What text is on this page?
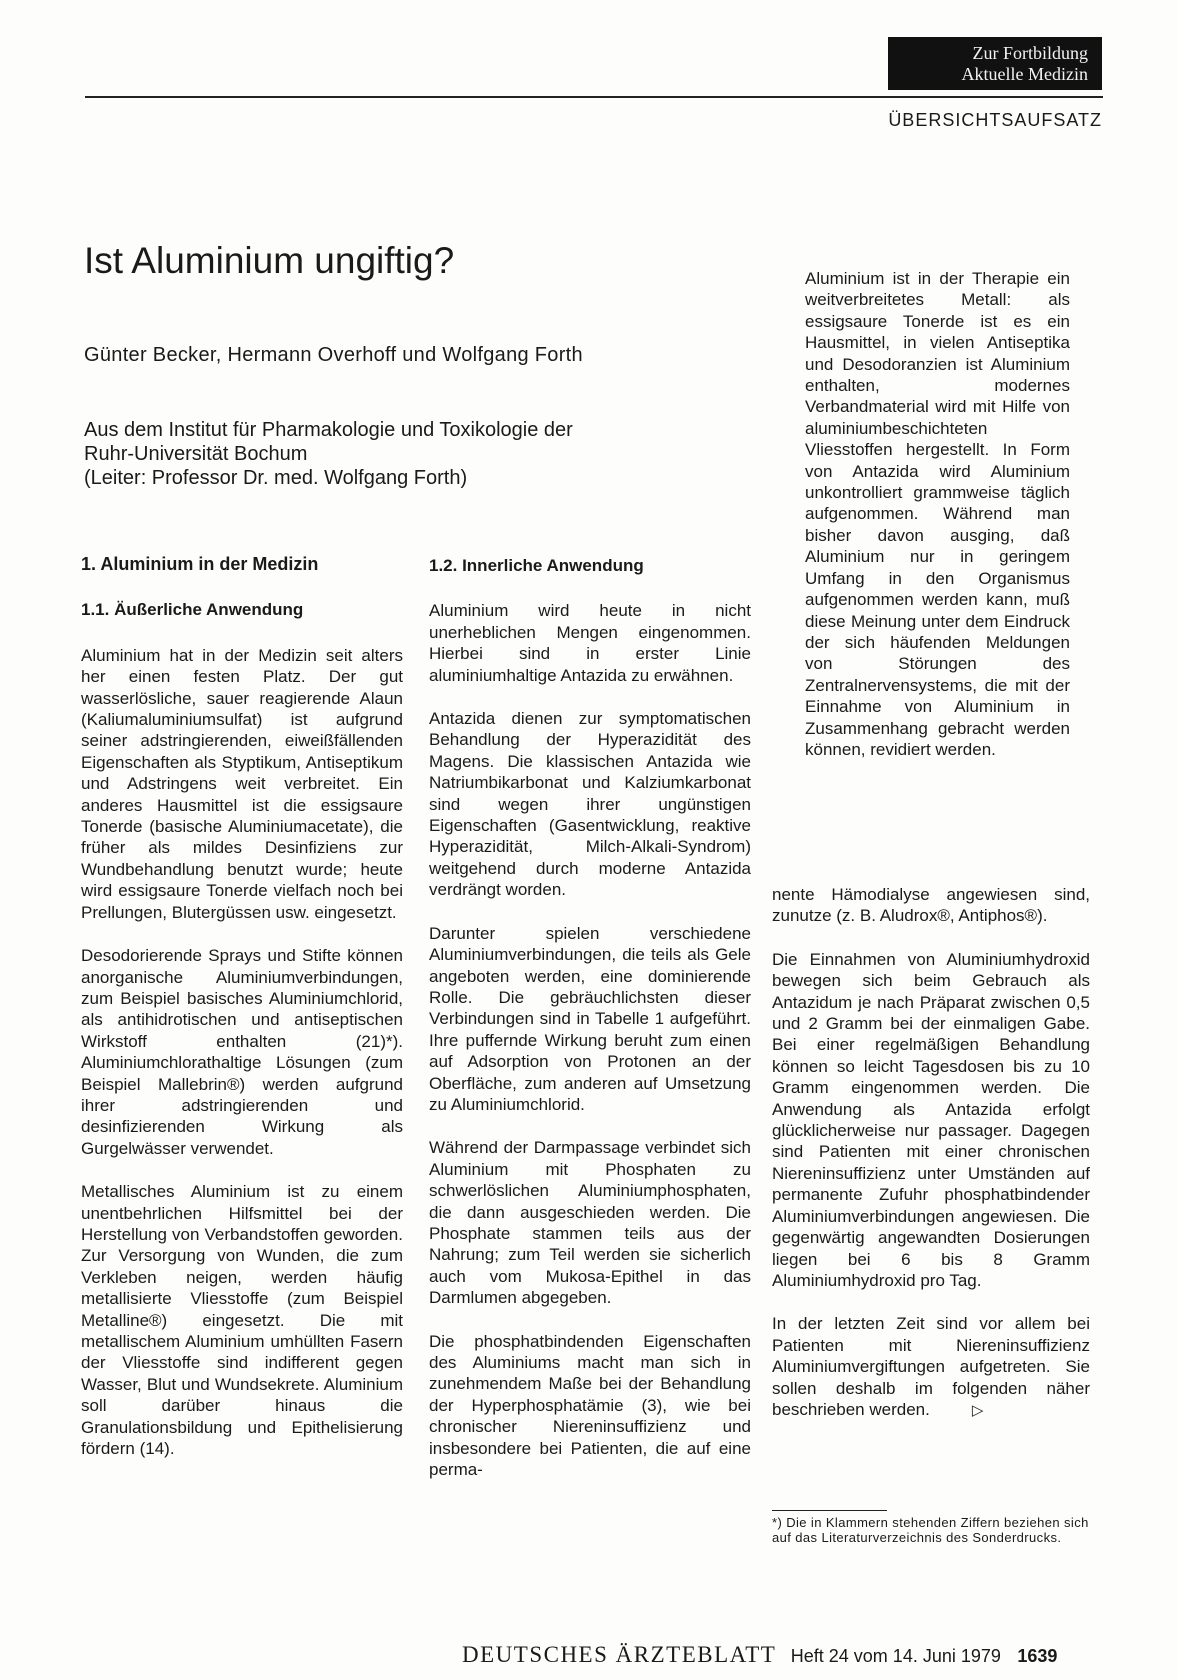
Zur Fortbildung
Aktuelle Medizin
ÜBERSICHTSAUFSATZ
Ist Aluminium ungiftig?
Günter Becker, Hermann Overhoff und Wolfgang Forth
Aus dem Institut für Pharmakologie und Toxikologie der
Ruhr-Universität Bochum
(Leiter: Professor Dr. med. Wolfgang Forth)
1. Aluminium in der Medizin
1.1. Äußerliche Anwendung

Aluminium hat in der Medizin seit alters her einen festen Platz. Der gut wasserlösliche, sauer reagierende Alaun (Kaliumaluminiumsulfat) ist aufgrund seiner adstringierenden, eiweißfällenden Eigenschaften als Styptikum, Antiseptikum und Adstringens weit verbreitet. Ein anderes Hausmittel ist die essigsaure Tonerde (basische Aluminiumacetate), die früher als mildes Desinfiziens zur Wundbehandlung benutzt wurde; heute wird essigsaure Tonerde vielfach noch bei Prellungen, Blutergüssen usw. eingesetzt.

Desodorierende Sprays und Stifte können anorganische Aluminiumverbindungen, zum Beispiel basisches Aluminiumchlorid, als antihidrotischen und antiseptischen Wirkstoff enthalten (21)*). Aluminiumchlorathaltige Lösungen (zum Beispiel Mallebrin®) werden aufgrund ihrer adstringierenden und desinfizierenden Wirkung als Gurgelwässer verwendet.

Metallisches Aluminium ist zu einem unentbehrlichen Hilfsmittel bei der Herstellung von Verbandstoffen geworden. Zur Versorgung von Wunden, die zum Verkleben neigen, werden häufig metallisierte Vliesstoffe (zum Beispiel Metalline®) eingesetzt. Die mit metallischem Aluminium umhüllten Fasern der Vliesstoffe sind indifferent gegen Wasser, Blut und Wundsekrete. Aluminium soll darüber hinaus die Granulationsbildung und Epithelisierung fördern (14).

1.2. Innerliche Anwendung

Aluminium wird heute in nicht unerheblichen Mengen eingenommen. Hierbei sind in erster Linie aluminiumhaltige Antazida zu erwähnen.

Antazida dienen zur symptomatischen Behandlung der Hyperazidität des Magens. Die klassischen Antazida wie Natriumbikarbonat und Kalziumkarbonat sind wegen ihrer ungünstigen Eigenschaften (Gasentwicklung, reaktive Hyperazidität, Milch-Alkali-Syndrom) weitgehend durch moderne Antazida verdrängt worden.

Darunter spielen verschiedene Aluminiumverbindungen, die teils als Gele angeboten werden, eine dominierende Rolle. Die gebräuchlichsten dieser Verbindungen sind in Tabelle 1 aufgeführt. Ihre puffernde Wirkung beruht zum einen auf Adsorption von Protonen an der Oberfläche, zum anderen auf Umsetzung zu Aluminiumchlorid.

Während der Darmpassage verbindet sich Aluminium mit Phosphaten zu schwerlöslichen Aluminiumphosphaten, die dann ausgeschieden werden. Die Phosphate stammen teils aus der Nahrung; zum Teil werden sie sicherlich auch vom Mukosa-Epithel in das Darmlumen abgegeben.

Die phosphatbindenden Eigenschaften des Aluminiums macht man sich in zunehmendem Maße bei der Behandlung der Hyperphosphatämie (3), wie bei chronischer Niereninsuffizienz und insbesondere bei Patienten, die auf eine perma-

Aluminium ist in der Therapie ein weitverbreitetes Metall: als essigsaure Tonerde ist es ein Hausmittel, in vielen Antiseptika und Desodoranzien ist Aluminium enthalten, modernes Verbandmaterial wird mit Hilfe von aluminiumbeschichteten Vliesstoffen hergestellt. In Form von Antazida wird Aluminium unkontrolliert grammweise täglich aufgenommen. Während man bisher davon ausging, daß Aluminium nur in geringem Umfang in den Organismus aufgenommen werden kann, muß diese Meinung unter dem Eindruck der sich häufenden Meldungen von Störungen des Zentralnervensystems, die mit der Einnahme von Aluminium in Zusammenhang gebracht werden können, revidiert werden.

nente Hämodialyse angewiesen sind, zunutze (z. B. Aludrox®, Antiphos®).

Die Einnahmen von Aluminiumhydroxid bewegen sich beim Gebrauch als Antazidum je nach Präparat zwischen 0,5 und 2 Gramm bei der einmaligen Gabe. Bei einer regelmäßigen Behandlung können so leicht Tagesdosen bis zu 10 Gramm eingenommen werden. Die Anwendung als Antazida erfolgt glücklicherweise nur passager. Dagegen sind Patienten mit einer chronischen Niereninsuffizienz unter Umständen auf permanente Zufuhr phosphatbindender Aluminiumverbindungen angewiesen. Die gegenwärtig angewandten Dosierungen liegen bei 6 bis 8 Gramm Aluminiumhydroxid pro Tag.

In der letzten Zeit sind vor allem bei Patienten mit Niereninsuffizienz Aluminiumvergiftungen aufgetreten. Sie sollen deshalb im folgenden näher beschrieben werden.	▷

*) Die in Klammern stehenden Ziffern beziehen sich auf das Literaturverzeichnis des Sonderdrucks.
DEUTSCHES ÄRZTEBLATT Heft 24 vom 14. Juni 1979 1639
